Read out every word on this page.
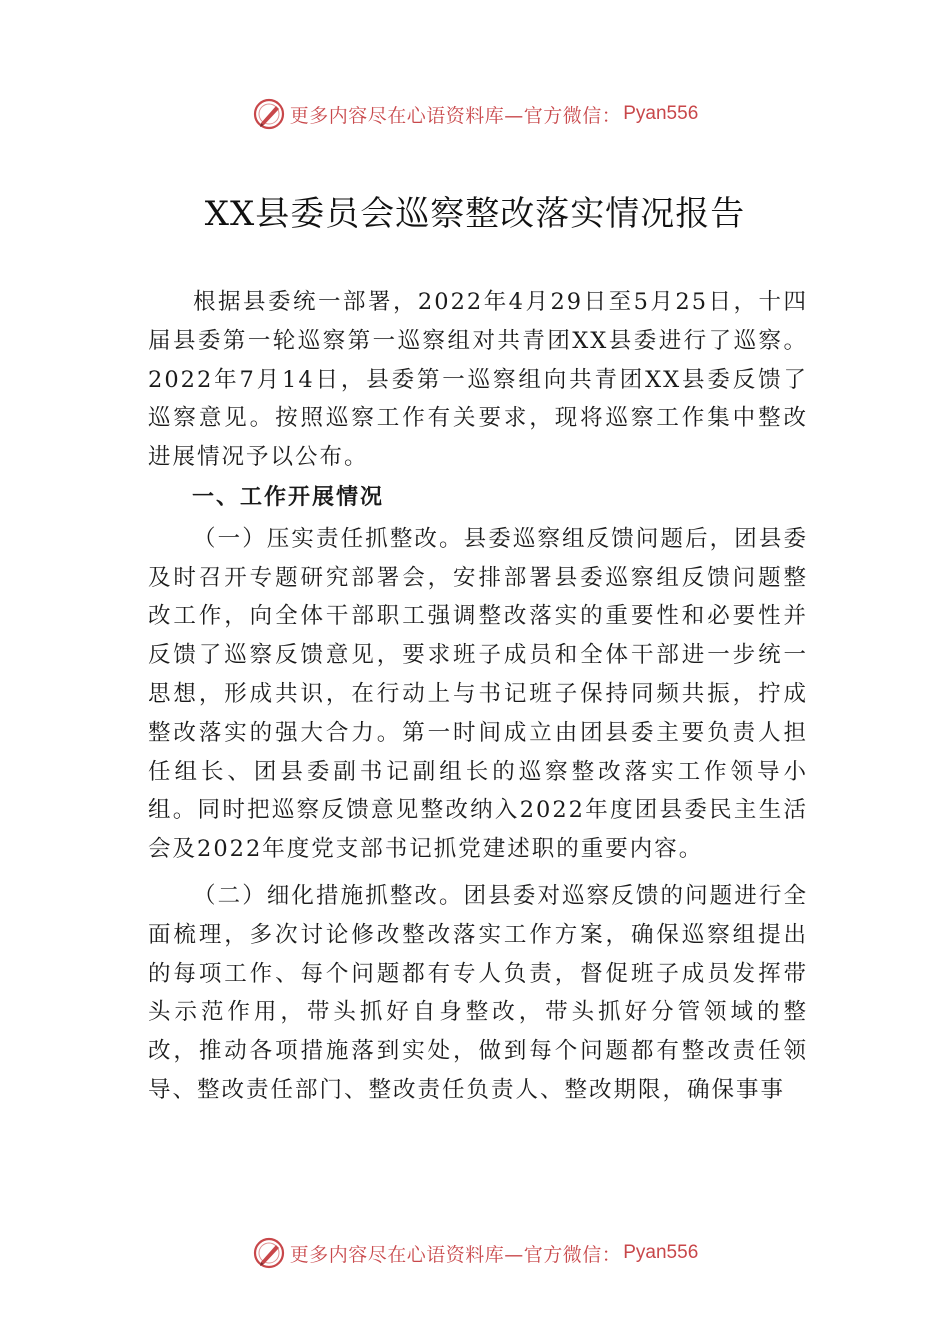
更多内容尽在心语资料库—官方微信： Pyan556
XX县委员会巡察整改落实情况报告

根据县委统一部署，2022年4月29日至5月25日，十四届县委第一轮巡察第一巡察组对共青团XX县委进行了巡察。2022年7月14日，县委第一巡察组向共青团XX县委反馈了巡察意见。按照巡察工作有关要求，现将巡察工作集中整改进展情况予以公布。

一、工作开展情况

（一）压实责任抓整改。县委巡察组反馈问题后，团县委及时召开专题研究部署会，安排部署县委巡察组反馈问题整改工作，向全体干部职工强调整改落实的重要性和必要性并反馈了巡察反馈意见，要求班子成员和全体干部进一步统一思想，形成共识，在行动上与书记班子保持同频共振，拧成整改落实的强大合力。第一时间成立由团县委主要负责人担任组长、团县委副书记副组长的巡察整改落实工作领导小组。同时把巡察反馈意见整改纳入2022年度团县委民主生活会及2022年度党支部书记抓党建述职的重要内容。

（二）细化措施抓整改。团县委对巡察反馈的问题进行全面梳理，多次讨论修改整改落实工作方案，确保巡察组提出的每项工作、每个问题都有专人负责，督促班子成员发挥带头示范作用，带头抓好自身整改，带头抓好分管领域的整改，推动各项措施落到实处，做到每个问题都有整改责任领导、整改责任部门、整改责任负责人、整改期限，确保事事

更多内容尽在心语资料库—官方微信： Pyan556
